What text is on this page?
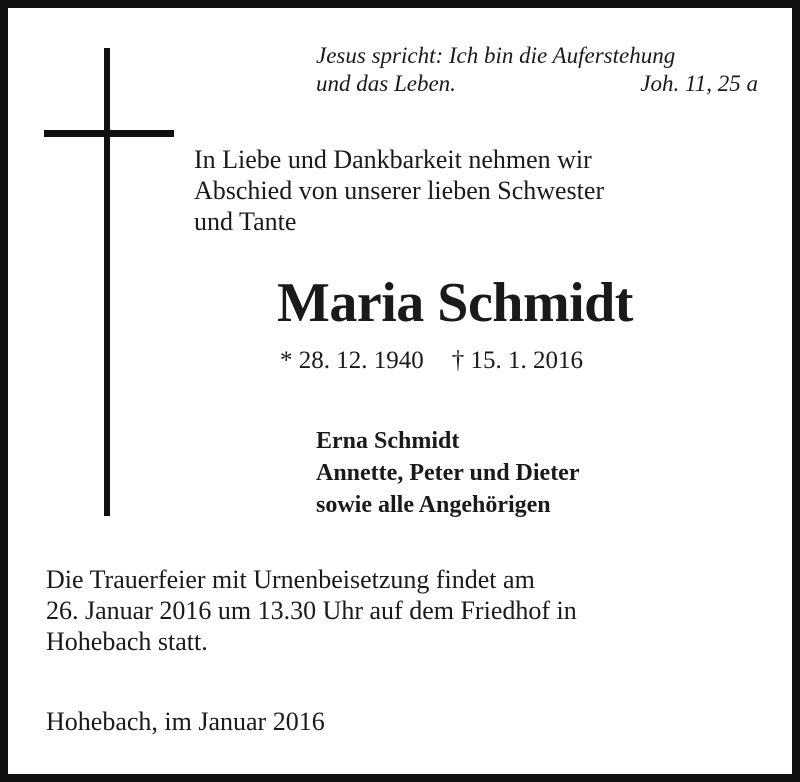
Jesus spricht: Ich bin die Auferstehung
und das Leben.	Joh. 11, 25 a
In Liebe und Dankbarkeit nehmen wir
Abschied von unserer lieben Schwester
und Tante
Maria Schmidt
* 28. 12. 1940 † 15. 1. 2016
Erna Schmidt
Annette, Peter und Dieter
sowie alle Angehörigen
Die Trauerfeier mit Urnenbeisetzung findet am
26. Januar 2016 um 13.30 Uhr auf dem Friedhof in
Hohebach statt.
Hohebach, im Januar 2016
